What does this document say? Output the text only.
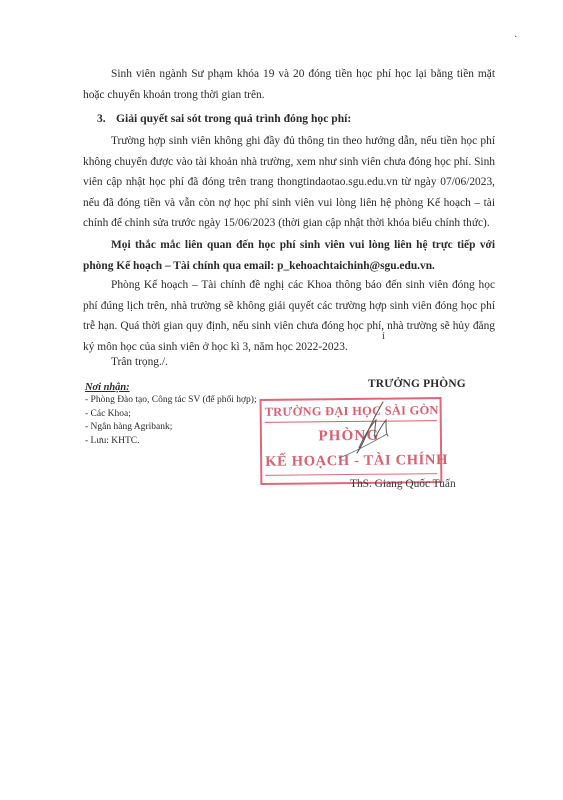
·

Sinh viên ngành Sư phạm khóa 19 và 20 đóng tiền học phí học lại bằng tiền mặt hoặc chuyển khoản trong thời gian trên.

3. Giải quyết sai sót trong quá trình đóng học phí:

Trường hợp sinh viên không ghi đầy đủ thông tin theo hướng dẫn, nếu tiền học phí không chuyển được vào tài khoản nhà trường, xem như sinh viên chưa đóng học phí. Sinh viên cập nhật học phí đã đóng trên trang thongtindaotao.sgu.edu.vn từ ngày 07/06/2023, nếu đã đóng tiền và vẫn còn nợ học phí sinh viên vui lòng liên hệ phòng Kế hoạch – tài chính để chỉnh sửa trước ngày 15/06/2023 (thời gian cập nhật thời khóa biểu chính thức).

Mọi thắc mắc liên quan đến học phí sinh viên vui lòng liên hệ trực tiếp với phòng Kế hoạch – Tài chính qua email: p_kehoachtaichinh@sgu.edu.vn.

Phòng Kế hoạch – Tài chính đề nghị các Khoa thông báo đến sinh viên đóng học phí đúng lịch trên, nhà trường sẽ không giải quyết các trường hợp sinh viên đóng học phí trễ hạn. Quá thời gian quy định, nếu sinh viên chưa đóng học phí, nhà trường sẽ hủy đăng ký môn học của sinh viên ở học kì 3, năm học 2022-2023.

ỉ

Trân trọng./.

Nơi nhận:
- Phòng Đào tạo, Công tác SV (để phối hợp);
- Các Khoa;
- Ngân hàng Agribank;
- Lưu: KHTC.

TRƯỞNG PHÒNG

TRƯỜNG ĐẠI HỌC SÀI GÒN
PHÒNG
KẾ HOẠCH - TÀI CHÍNH

ThS. Giang Quốc Tuấn
